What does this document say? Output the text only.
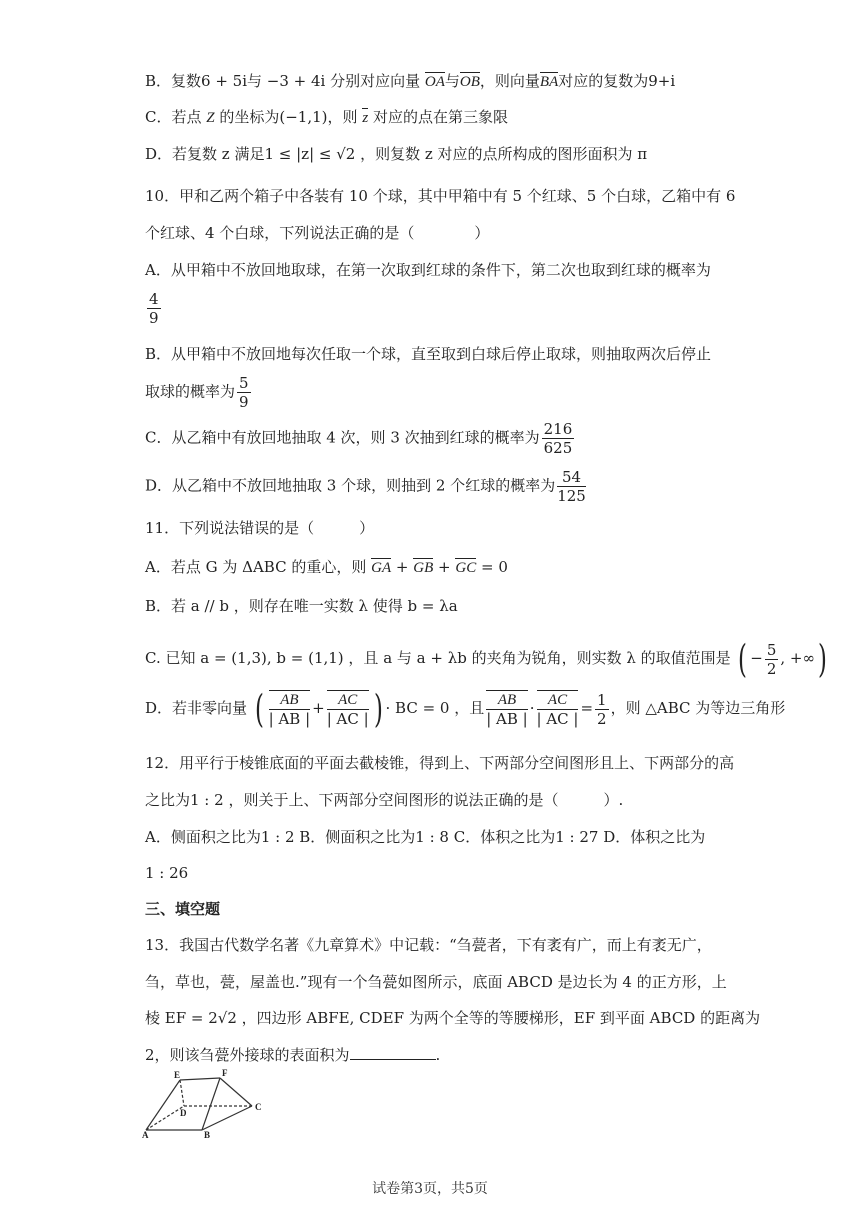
B．复数6 + 5i与 −3 + 4i 分别对应向量 OA与OB，则向量BA对应的复数为9+i
C．若点 Z 的坐标为(−1,1)，则 z 对应的点在第三象限
D．若复数 z 满足1 ≤ |z| ≤ √2 ，则复数 z 对应的点所构成的图形面积为 π
10．甲和乙两个箱子中各装有 10 个球，其中甲箱中有 5 个红球、5 个白球，乙箱中有 6
个红球、4 个白球，下列说法正确的是（　　　　）
A．从甲箱中不放回地取球，在第一次取到红球的条件下，第二次也取到红球的概率为
$\frac{4}{9}$
B．从甲箱中不放回地每次任取一个球，直至取到白球后停止取球，则抽取两次后停止
取球的概率为 $\frac{5}{9}$
C．从乙箱中有放回地抽取 4 次，则 3 次抽到红球的概率为 $\frac{216}{625}$
D．从乙箱中不放回地抽取 3 个球，则抽到 2 个红球的概率为 $\frac{54}{125}$
11．下列说法错误的是（　　　）
A．若点 G 为 ΔABC 的重心，则 GA + GB + GC = 0
B．若 a // b ，则存在唯一实数 λ 使得 b = λa
C. 已知 a = (1,3), b = (1,1) ，且 a 与 a + λb 的夹角为锐角，则实数 λ 的取值范围是 ( − $\frac{5}{2}$ , +∞)
D．若非零向量 ( $\frac{AB}{| AB |} + \frac{AC}{| AC |}$ ) · BC = 0 ，且 $\frac{AB}{| AB |} \cdot \frac{AC}{| AC |} = \frac{1}{2}$ ，则 △ABC 为等边三角形
12．用平行于棱锥底面的平面去截棱锥，得到上、下两部分空间图形且上、下两部分的高
之比为1 : 2 ，则关于上、下两部分空间图形的说法正确的是（　　　）.
A．侧面积之比为1 : 2 B．侧面积之比为1 : 8 C．体积之比为1 : 27 D．体积之比为
1 : 26
三、填空题
13．我国古代数学名著《九章算术》中记载：“刍甍者，下有袤有广，而上有袤无广，
刍，草也，甍，屋盖也.”现有一个刍甍如图所示，底面 ABCD 是边长为 4 的正方形，上
棱 EF = 2√2 ，四边形 ABFE, CDEF 为两个全等的等腰梯形，EF 到平面 ABCD 的距离为
2，则该刍甍外接球的表面积为	.
E	F
D
C
A	B
试卷第3页，共5页
